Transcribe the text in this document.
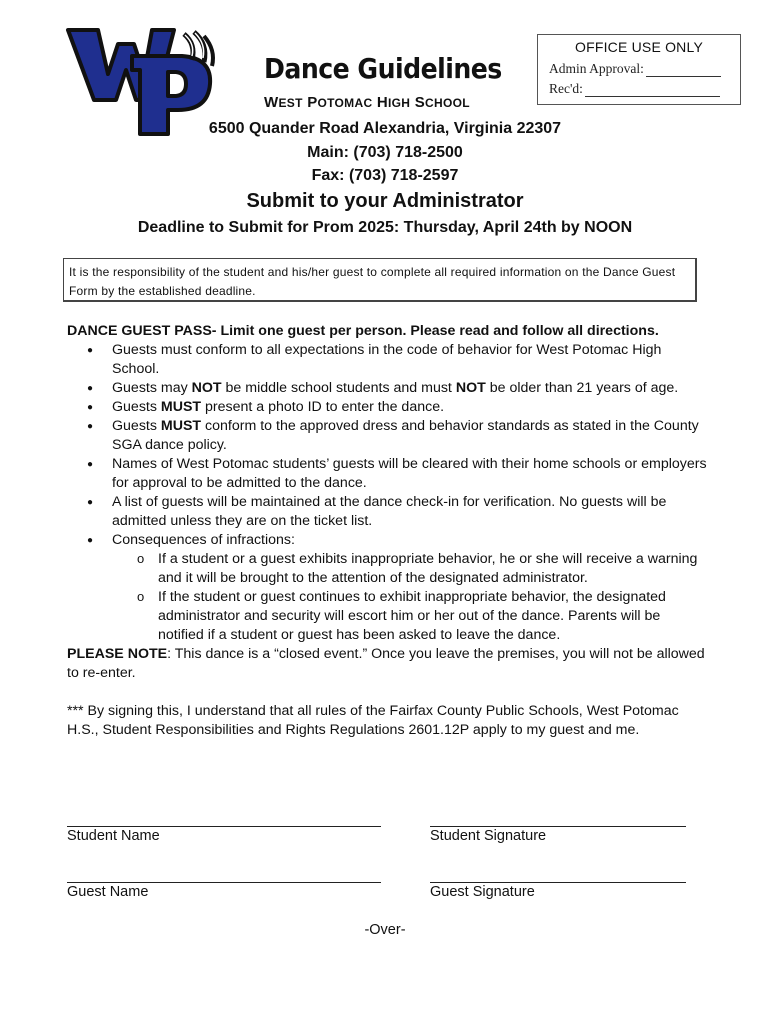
WP
OFFICE USE ONLY
Admin Approval:
Rec'd:
Dance Guidelines
WEST POTOMAC HIGH SCHOOL
6500 Quander Road Alexandria, Virginia 22307
Main: (703) 718-2500
Fax: (703) 718-2597
Submit to your Administrator
Deadline to Submit for Prom 2025: Thursday, April 24th by NOON
It is the responsibility of the student and his/her guest to complete all required information on the Dance Guest Form by the established deadline.

DANCE GUEST PASS- Limit one guest per person. Please read and follow all directions.

● Guests must conform to all expectations in the code of behavior for West Potomac High School.
● Guests may NOT be middle school students and must NOT be older than 21 years of age.
● Guests MUST present a photo ID to enter the dance.
● Guests MUST conform to the approved dress and behavior standards as stated in the County SGA dance policy.
● Names of West Potomac students’ guests will be cleared with their home schools or employers for approval to be admitted to the dance.
● A list of guests will be maintained at the dance check-in for verification. No guests will be admitted unless they are on the ticket list.
● Consequences of infractions:
o If a student or a guest exhibits inappropriate behavior, he or she will receive a warning and it will be brought to the attention of the designated administrator.
o If the student or guest continues to exhibit inappropriate behavior, the designated administrator and security will escort him or her out of the dance. Parents will be notified if a student or guest has been asked to leave the dance.

PLEASE NOTE: This dance is a “closed event.” Once you leave the premises, you will not be allowed to re-enter.

*** By signing this, I understand that all rules of the Fairfax County Public Schools, West Potomac H.S., Student Responsibilities and Rights Regulations 2601.12P apply to my guest and me.

Student Name	Student Signature
Guest Name	Guest Signature
-Over-
